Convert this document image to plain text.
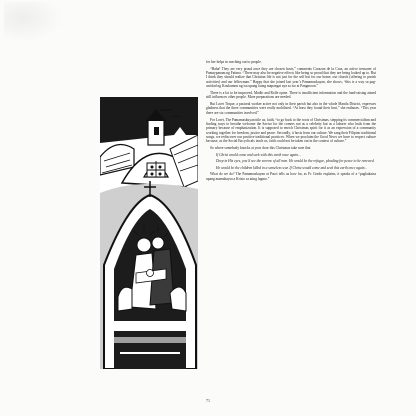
for her helps in reaching out to people.

“Haha! They are very proud once they are chosen hosts,” comments Corazon de la Cruz, an active treasurer of Pamaypanam ng Fatima. “There may also be negative effects like being so proud that they are being looked up to. But I think they should realize that Christian life is not just for the self but for our home, our church (offering to parish activities) and our fellowman.” Happy that she joined last year’s Pamamaskuyan, she shows, “this is a way sa pag-uwidad ng Koukumon ng isa upang laong mapangat aya sa iso at Pangmoon.”

There is a lot to be improved, Madlo and Rolle opine. There is insufficient information and the fund-raising aimed still influences other people. More preparations are needed.

But Loret Tirque, a pastoral worker active not only in their parish but also in the whole Manila District, expresses gladness that the three communities were really mobilized. “At least they found their host,” she enthuses. “This year there are six communities involved.”

For Loret, The Pamamaskuyan title us, faith, “to go back to the roots of Christmas, stepping its commercialism and finding ways to breathe welcome the Savior for the comers not as a celebrity but as a laborer who hails from the primary because of emphasization. It is supposed to enrich Christmas spirit for it as an expression of a community working together for freedom, justice and peace. Secondly, it hosts from our culture. We sang their Filipino traditional songs, we rediscover our positive traditional practices. When we proclaim the Good News we have to respect culture because, as the Social Encyclicals teach us, faith could not be taken out in the context of culture.”

So where somebody knocks at your door this Christmas take note that

If Christ would come and seek with this earth once again...

Deep in His eyes, you’d see the sorrow of all men. He would be the refugee, pleading for peace to be renewed.

He would be the children killed in a senseless war. If Christ would come and seek this earth once again...

What do we do? The Pamamaskuyan at Pasci tells us how far, as Fr. Gredo explains, it speaks of a “pagkakaisa upang mamahaysa a Kristo sa ating lagmo.”

71
